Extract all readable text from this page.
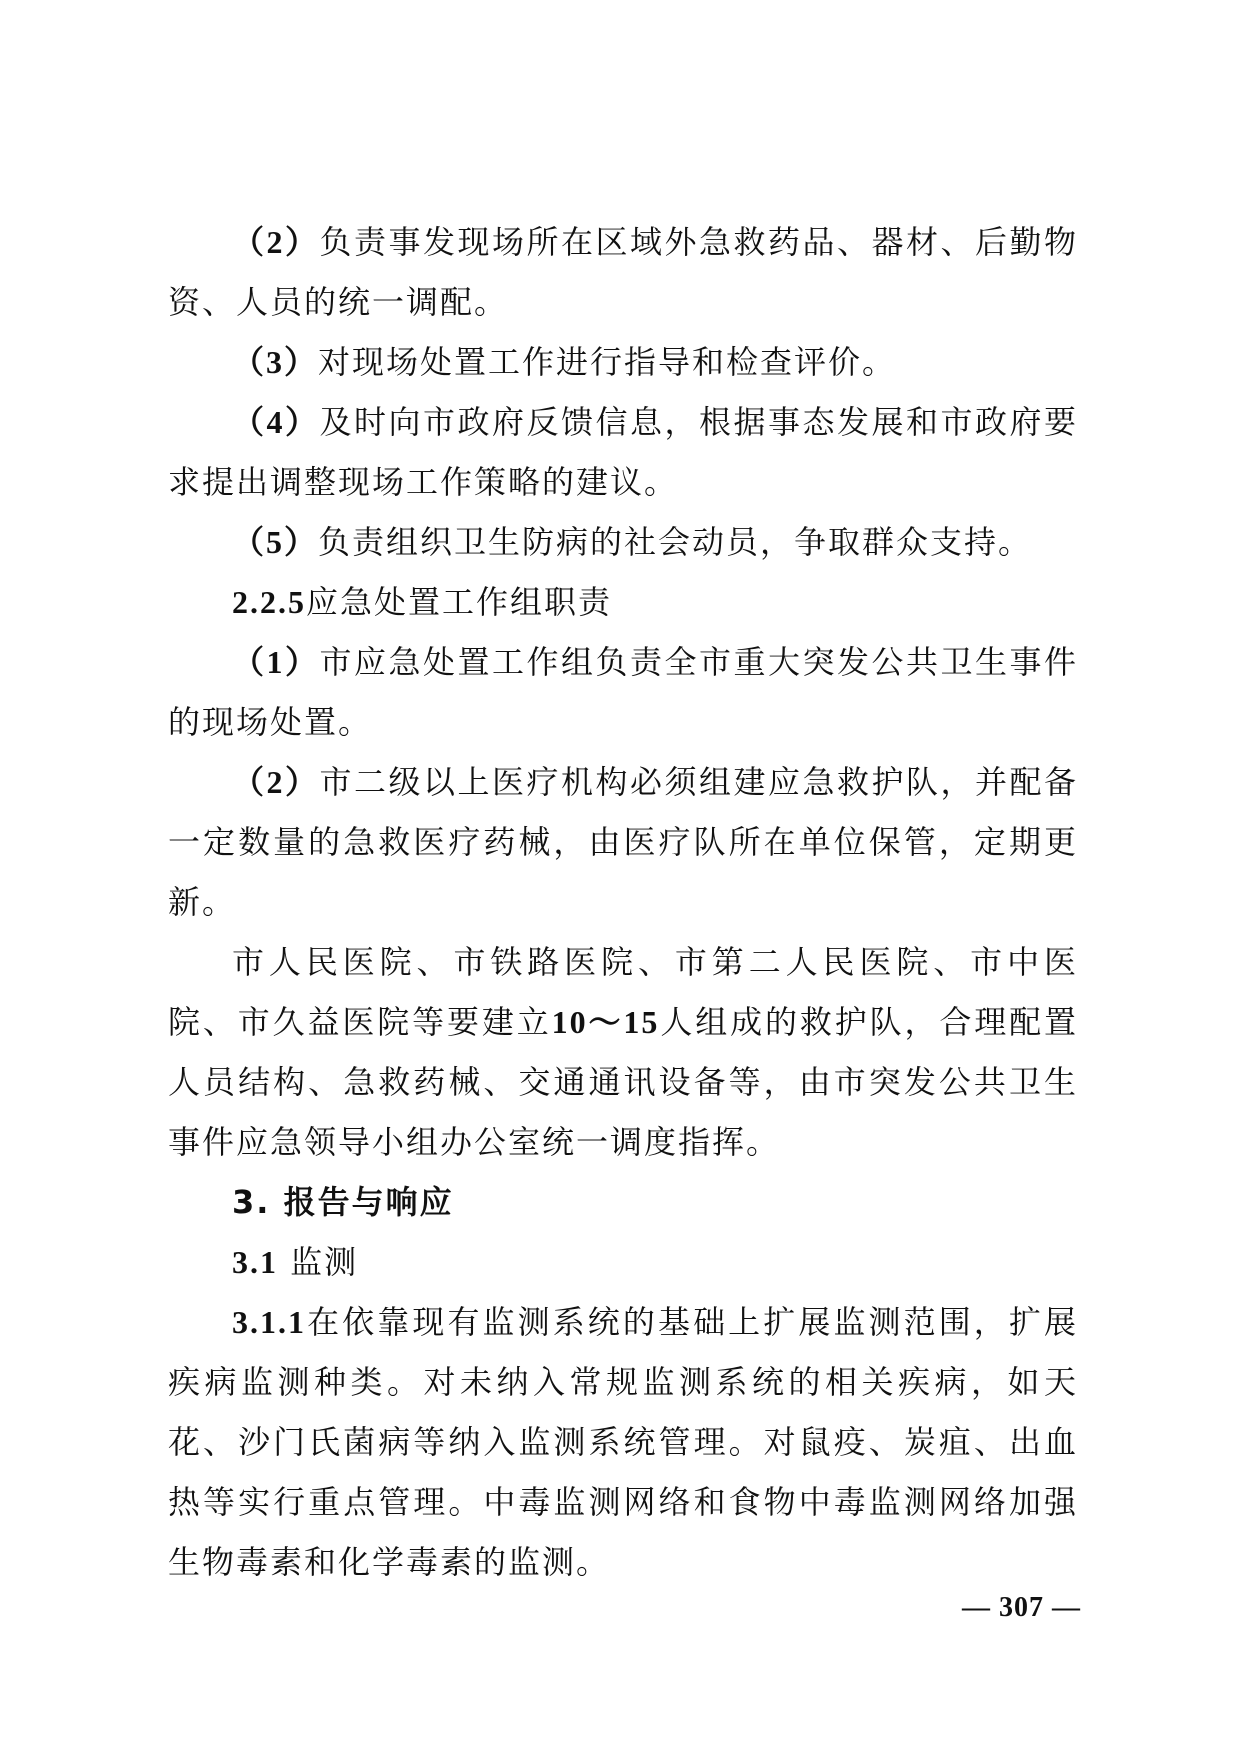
（2）负责事发现场所在区域外急救药品、器材、后勤物资、人员的统一调配。

（3）对现场处置工作进行指导和检查评价。

（4）及时向市政府反馈信息，根据事态发展和市政府要求提出调整现场工作策略的建议。

（5）负责组织卫生防病的社会动员，争取群众支持。

2.2.5应急处置工作组职责

（1）市应急处置工作组负责全市重大突发公共卫生事件的现场处置。

（2）市二级以上医疗机构必须组建应急救护队，并配备一定数量的急救医疗药械，由医疗队所在单位保管，定期更新。

市人民医院、市铁路医院、市第二人民医院、市中医院、市久益医院等要建立10～15人组成的救护队，合理配置人员结构、急救药械、交通通讯设备等，由市突发公共卫生事件应急领导小组办公室统一调度指挥。

3. 报告与响应

3.1 监测

3.1.1在依靠现有监测系统的基础上扩展监测范围，扩展疾病监测种类。对未纳入常规监测系统的相关疾病，如天花、沙门氏菌病等纳入监测系统管理。对鼠疫、炭疽、出血热等实行重点管理。中毒监测网络和食物中毒监测网络加强生物毒素和化学毒素的监测。

— 307 —
